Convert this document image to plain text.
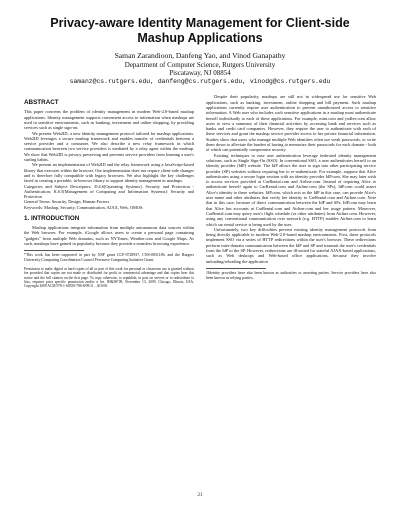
Privacy-aware Identity Management for Client-side Mashup Applications
Saman Zarandioon, Danfeng Yao, and Vinod Ganapathy
Department of Computer Science, Rutgers University
Piscataway, NJ 08854
samanz@cs.rutgers.edu, danfeng@cs.rutgers.edu, vinodg@cs.rutgers.edu
ABSTRACT

This paper concerns the problem of identity management in modern Web-2.0-based mashup applications. Identity management supports convenient access to information when mashups are used in sensitive environments, such as banking, investment and online shopping, by providing services such as single sign-on.

We present Web2ID, a new identity management protocol tailored for mashup applications. Web2ID leverages a secure mashup framework and enables transfer of credentials between a service provider and a consumer. We also describe a new relay framework in which communication between two service providers is mediated by a relay agent within the mashup. We show that Web2ID is privacy preserving and prevents service providers from learning a user's surfing habits.

We present an implementation of Web2ID and the relay framework using a JavaScript-based library that executes within the browser. Our implementation does not require client-side changes and is therefore fully compatible with legacy browsers. We also highlight the key challenges faced in creating a portable, in-browser library to support identity management in mashups.

Categories and Subject Descriptors: D.4.6[Operating Systems]: Security and Protection - Authentication; K.6.5[Management of Computing and Information Systems]: Security and Protection

General Terms: Security, Design, Human Factors

Keywords: Mashup, Security, Communication, AJAX, Web, OMOS.

1. INTRODUCTION

Mashup applications integrate information from multiple autonomous data sources within the Web browser. For example, iGoogle allows users to create a personal page containing "gadgets" from multiple Web domains, such as NYTimes, Weather.com and Google Maps. As such, mashups have gained in popularity because they provide a seamless browsing experience.

*This work has been supported in part by NSF grant CCF-0728937, CNS-0831186, and the Rutgers University Computing Coordination Council Pervasive Computing Initiative Grant.
Permission to make digital or hard copies of all or part of this work for personal or classroom use is granted without fee provided that copies are not made or distributed for profit or commercial advantage and that copies bear this notice and the full citation on the first page. To copy otherwise, to republish, to post on servers or to redistribute to lists, requires prior specific permission and/or a fee. IH&IW'09, November 13, 2009, Chicago, Illinois, USA. Copyright 2009 ACM 978-1-60558-786-8/09/11 ...$10.00.

Despite their popularity, mashups are still not in widespread use for sensitive Web applications, such as banking, investment, online shopping and bill payment. Such mashup applications currently require user authentication to prevent unauthorized access to sensitive information. A Web user who includes such sensitive applications in a mashup must authenticate herself individually to each of these applications. For example, mint.com and yodlee.com allow users to view a summary of their financial activities by accessing bank and services such as banks and credit card companies. However, they require the user to authenticate with each of these services and grant the mashup service provider access to her private financial information. Studies show that users who manage multiple Web identities often use weak passwords, or write them down to alleviate the burden of having to memorize their passwords for each domain - both of which can potentially compromise security.

Existing techniques to ease user authentication leverage federated identity management solutions, such as Single Sign-On (SSO). In conventional SSO, a user authenticates herself to an identity provider (IdP) website. The IdP allows the user to sign into other participating service provider (SP) websites without requiring her to re-authenticate. For example, suppose that Alice authenticates using a secure login session with an identity provider IdP.com. She may later wish to access services provided at CarRental.com and Airline.com. Instead of requiring Alice to authenticate herself again to CarRental.com and Airline.com (the SPs), IdP.com could assert Alice's identity to these websites. IdP.com, which acts as the IdP in this case, can provide Alice's user name and other attributes that verify her identity to CarRental.com and Airline.com. Note that in this case, because of direct communication between the IdP and SPs, IdP.com may learn that Alice has accounts at CarRental.com and Airline.com and her usage pattern. Moreover, CarRental.com may query user's flight schedule (or other attributes) from Airline.com. However, using any conventional communication over network (e.g. HTTP) enables Airline.com to learn which car rental service is being used by the user.

Unfortunately, two key difficulties prevent existing identity management protocols from being directly applicable to modern Web-2.0-based mashup environments. First, these protocols implement SSO via a series of HTTP redirections within the user's browser. These redirections perform inter-domain communication between the IdP and SP and transmit the user's credentials from the IdP to the SP. However, redirections are ill-suited for stateful AJAX-based applications, such as Web desktops and Web-based office applications, because they involve unloading/reloading the application

1Identity providers have also been known as authorities or asserting parties. Service providers have also been known as relying parties.
21
